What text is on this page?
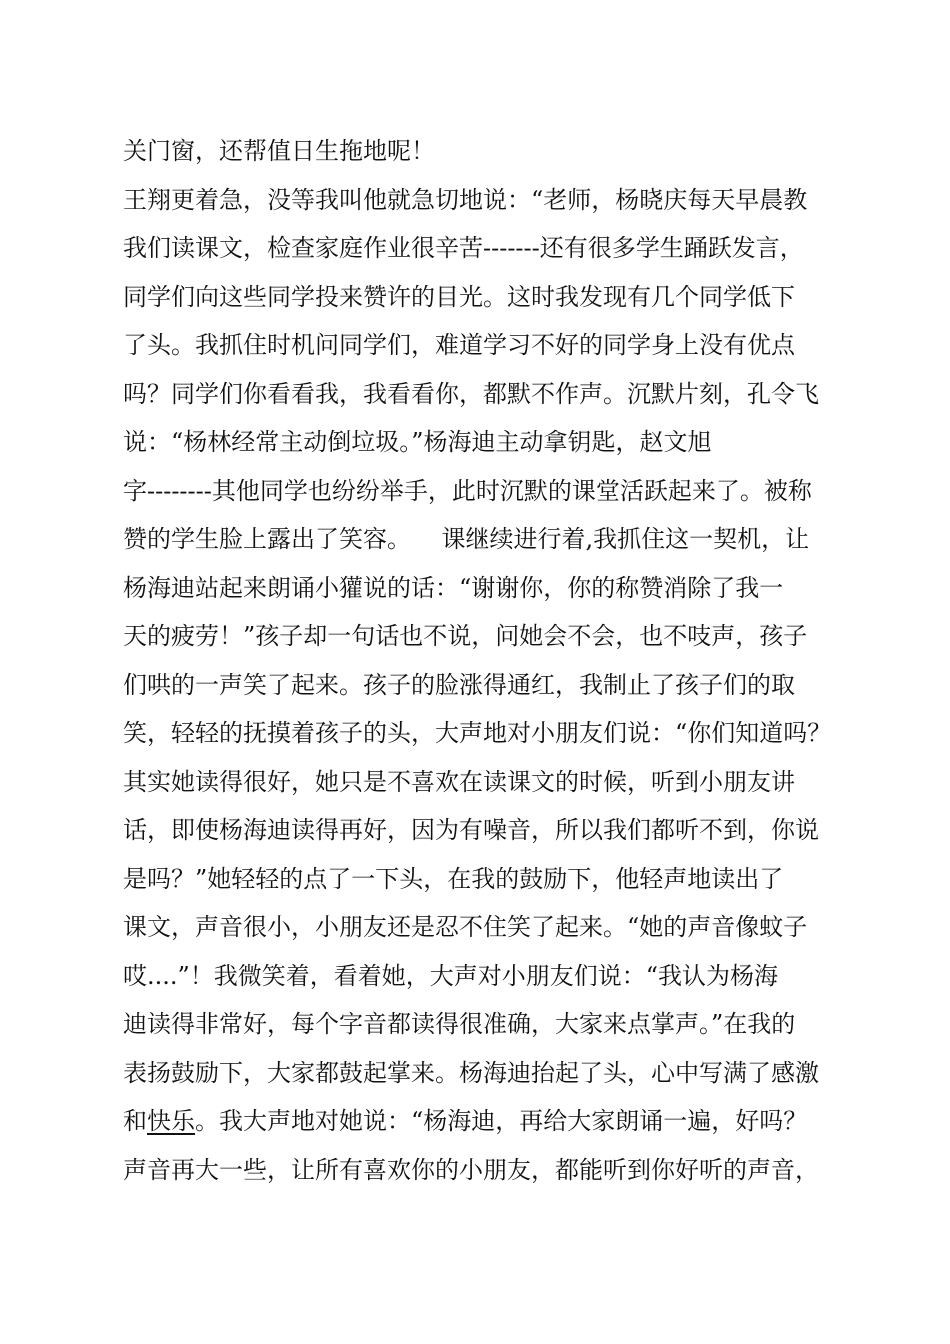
关门窗，还帮值日生拖地呢！
王翔更着急，没等我叫他就急切地说：“老师，杨晓庆每天早晨教
我们读课文，检查家庭作业很辛苦-------还有很多学生踊跃发言，
同学们向这些同学投来赞许的目光。这时我发现有几个同学低下
了头。我抓住时机问同学们，难道学习不好的同学身上没有优点
吗？同学们你看看我，我看看你，都默不作声。沉默片刻，孔令飞
说：“杨林经常主动倒垃圾。”杨海迪主动拿钥匙，赵文旭
字--------其他同学也纷纷举手，此时沉默的课堂活跃起来了。被称
赞的学生脸上露出了笑容。    课继续进行着,我抓住这一契机，让
杨海迪站起来朗诵小獾说的话：“谢谢你，你的称赞消除了我一
天的疲劳！”孩子却一句话也不说，问她会不会，也不吱声，孩子
们哄的一声笑了起来。孩子的脸涨得通红，我制止了孩子们的取
笑，轻轻的抚摸着孩子的头，大声地对小朋友们说：“你们知道吗？
其实她读得很好，她只是不喜欢在读课文的时候，听到小朋友讲
话，即使杨海迪读得再好，因为有噪音，所以我们都听不到，你说
是吗？”她轻轻的点了一下头，在我的鼓励下，他轻声地读出了
课文，声音很小，小朋友还是忍不住笑了起来。“她的声音像蚊子
哎....”！我微笑着，看着她，大声对小朋友们说：“我认为杨海
迪读得非常好，每个字音都读得很准确，大家来点掌声。”在我的
表扬鼓励下，大家都鼓起掌来。杨海迪抬起了头，心中写满了感激
和快乐。我大声地对她说：“杨海迪，再给大家朗诵一遍，好吗？
声音再大一些，让所有喜欢你的小朋友，都能听到你好听的声音，
